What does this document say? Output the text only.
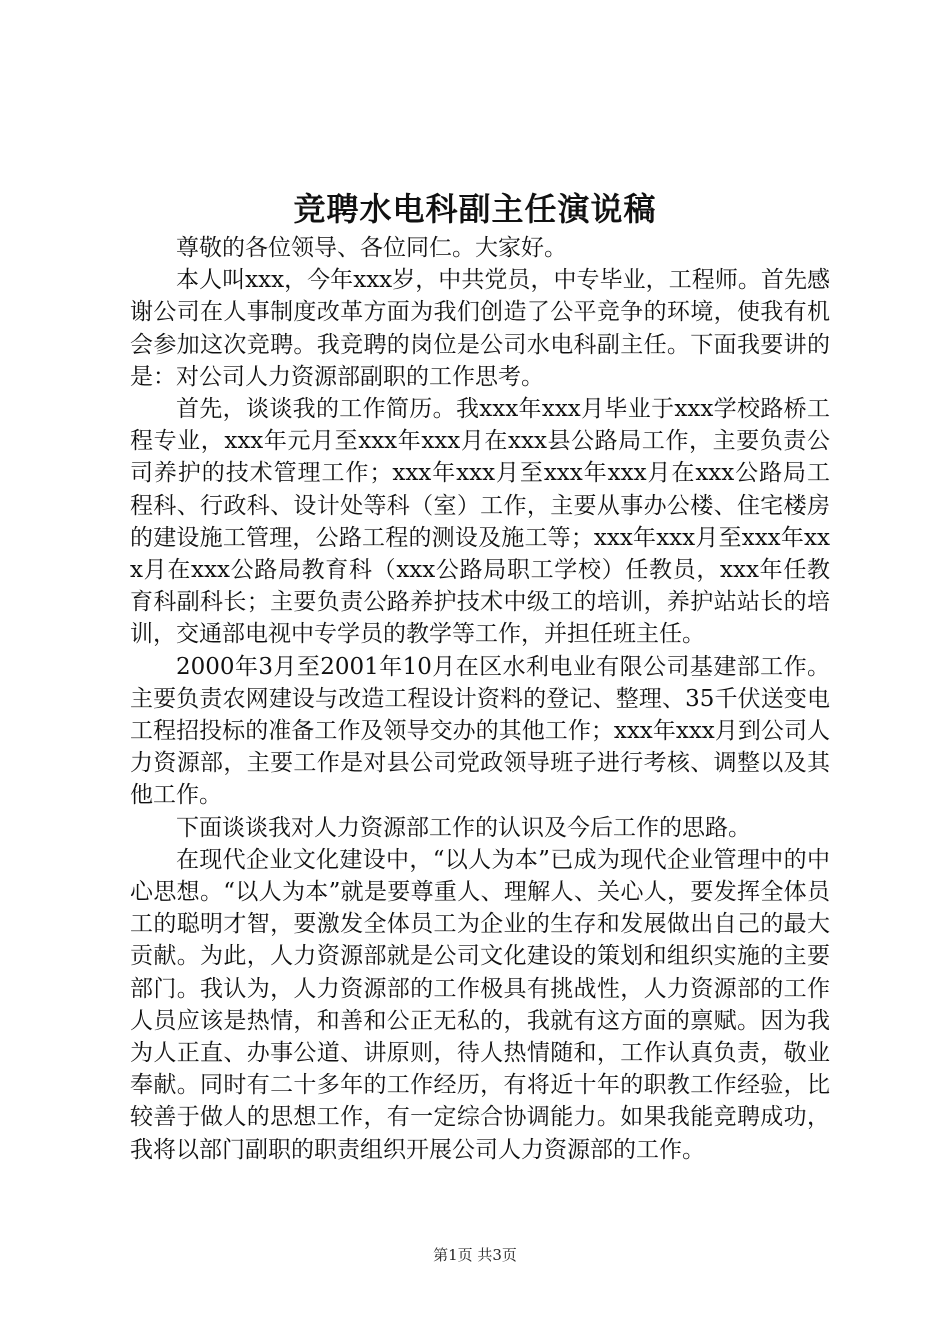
竞聘水电科副主任演说稿

尊敬的各位领导、各位同仁。大家好。

本人叫xxx，今年xxx岁，中共党员，中专毕业，工程师。首先感谢公司在人事制度改革方面为我们创造了公平竞争的环境，使我有机会参加这次竞聘。我竞聘的岗位是公司水电科副主任。下面我要讲的是：对公司人力资源部副职的工作思考。

首先，谈谈我的工作简历。我xxx年xxx月毕业于xxx学校路桥工程专业，xxx年元月至xxx年xxx月在xxx县公路局工作，主要负责公司养护的技术管理工作；xxx年xxx月至xxx年xxx月在xxx公路局工程科、行政科、设计处等科（室）工作，主要从事办公楼、住宅楼房的建设施工管理，公路工程的测设及施工等；xxx年xxx月至xxx年xxx月在xxx公路局教育科（xxx公路局职工学校）任教员，xxx年任教育科副科长；主要负责公路养护技术中级工的培训，养护站站长的培训，交通部电视中专学员的教学等工作，并担任班主任。

2000年3月至2001年10月在区水利电业有限公司基建部工作。主要负责农网建设与改造工程设计资料的登记、整理、35千伏送变电工程招投标的准备工作及领导交办的其他工作；xxx年xxx月到公司人力资源部，主要工作是对县公司党政领导班子进行考核、调整以及其他工作。

下面谈谈我对人力资源部工作的认识及今后工作的思路。

在现代企业文化建设中，“以人为本”已成为现代企业管理中的中心思想。“以人为本”就是要尊重人、理解人、关心人，要发挥全体员工的聪明才智，要激发全体员工为企业的生存和发展做出自己的最大贡献。为此，人力资源部就是公司文化建设的策划和组织实施的主要部门。我认为，人力资源部的工作极具有挑战性，人力资源部的工作人员应该是热情，和善和公正无私的，我就有这方面的禀赋。因为我为人正直、办事公道、讲原则，待人热情随和，工作认真负责，敬业奉献。同时有二十多年的工作经历，有将近十年的职教工作经验，比较善于做人的思想工作，有一定综合协调能力。如果我能竞聘成功，我将以部门副职的职责组织开展公司人力资源部的工作。

第1页 共3页
